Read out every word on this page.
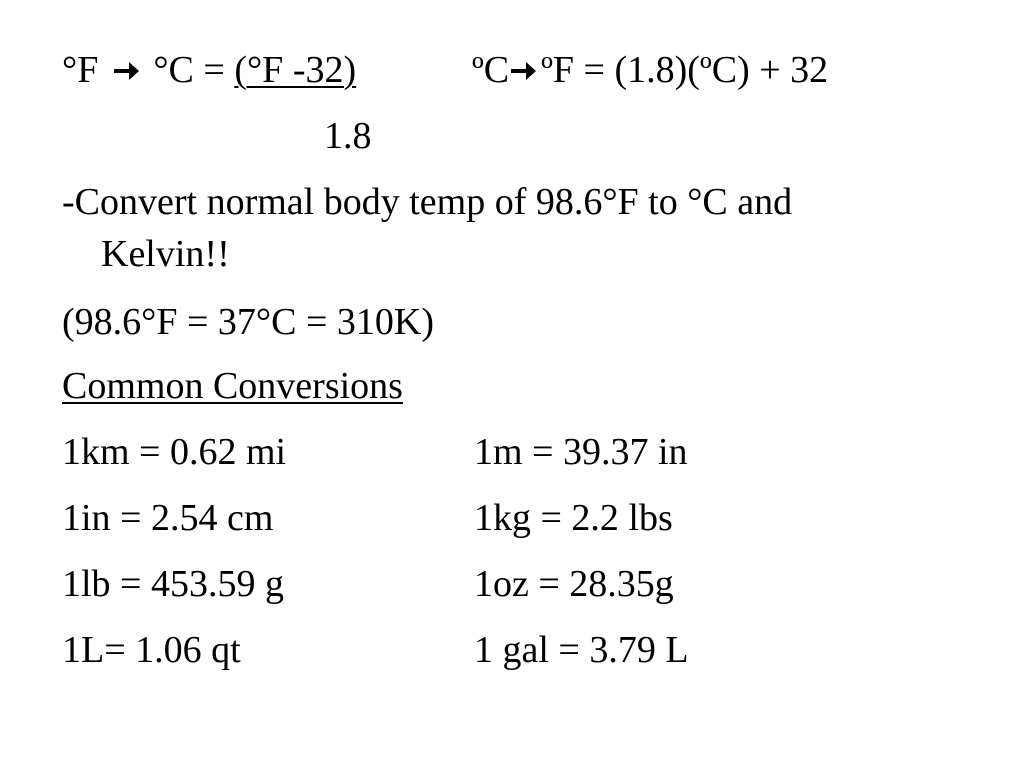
°F °C = (°F -32)	ºC ºF = (1.8)(ºC) + 32
1.8
-Convert normal body temp of 98.6°F to °C and
Kelvin!!
(98.6°F = 37°C = 310K)
Common Conversions
1km = 0.62 mi	1m = 39.37 in
1in = 2.54 cm	1kg = 2.2 lbs
1lb = 453.59 g	1oz = 28.35g
1L= 1.06 qt	1 gal = 3.79 L
